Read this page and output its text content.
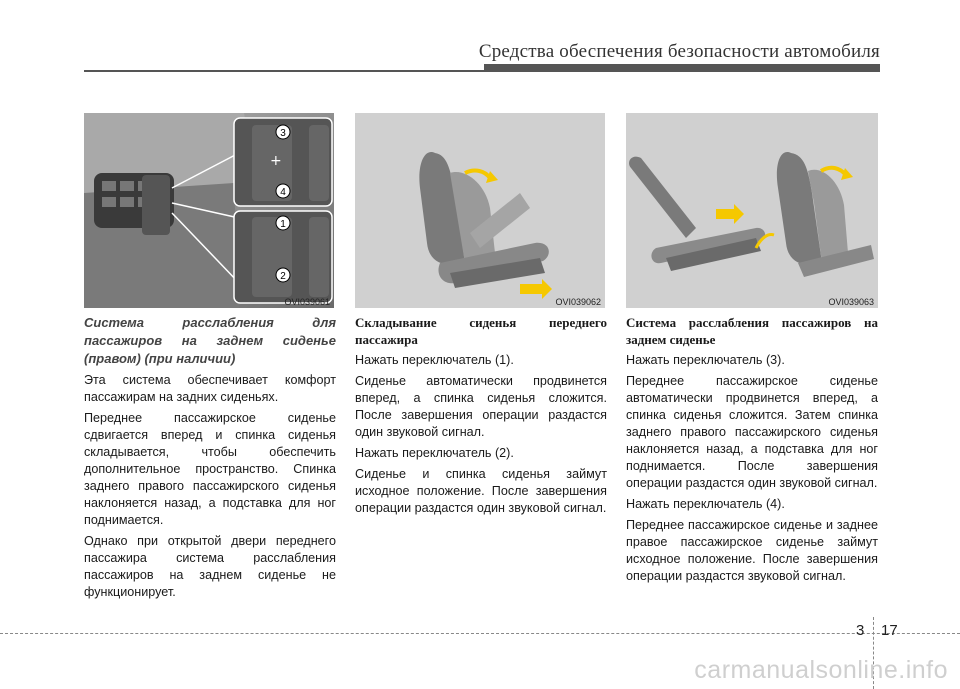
Средства обеспечения безопасности автомобиля
+
3
4
1
2
OVI039061	OVI039062	OVI039063

Система расслабления для пассажиров на заднем сиденье (правом) (при наличии)

Эта система обеспечивает комфорт пассажирам на задних сиденьях.

Переднее пассажирское сиденье сдвигается вперед и спинка сиденья складывается, чтобы обеспечить дополнительное пространство. Спинка заднего правого пассажирского сиденья наклоняется назад, а подставка для ног поднимается.

Однако при открытой двери переднего пассажира система расслабления пассажиров на заднем сиденье не функционирует.

Складывание сиденья переднего пассажира

Нажать переключатель (1).

Сиденье автоматически продвинется вперед, а спинка сиденья сложится. После завершения операции раздастся один звуковой сигнал.

Нажать переключатель (2).

Сиденье и спинка сиденья займут исходное положение. После завершения операции раздастся один звуковой сигнал.

Система расслабления пассажиров на заднем сиденье

Нажать переключатель (3).

Переднее пассажирское сиденье автоматически продвинется вперед, а спинка сиденья сложится. Затем спинка заднего правого пассажирского сиденья наклоняется назад, а подставка для ног поднимается. После завершения операции раздастся один звуковой сигнал.

Нажать переключатель (4).

Переднее пассажирское сиденье и заднее правое пассажирское сиденье займут исходное положение. После завершения операции раздастся звуковой сигнал.

3 17
carmanualsonline.info
